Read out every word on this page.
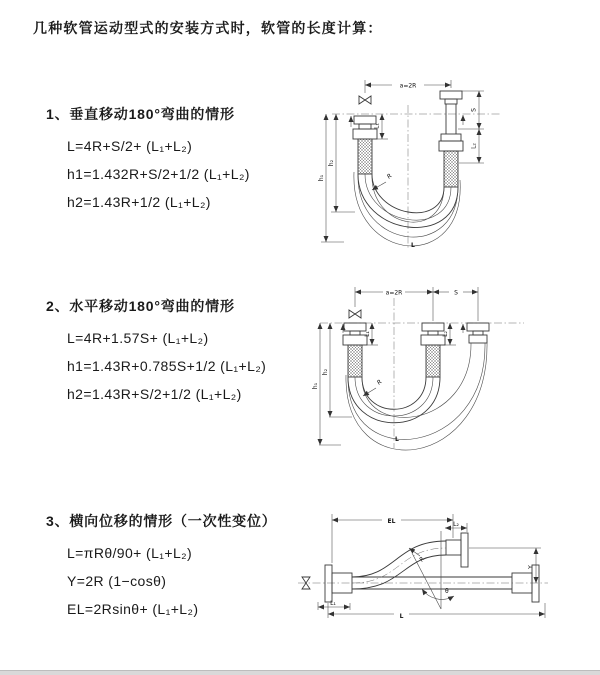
几种软管运动型式的安装方式时，软管的长度计算：
1、垂直移动180°弯曲的情形
L=4R+S/2+ (L₁+L₂)
h1=1.432R+S/2+1/2 (L₁+L₂)
h2=1.43R+1/2 (L₁+L₂)
2、水平移动180°弯曲的情形
L=4R+1.57S+ (L₁+L₂)
h1=1.43R+0.785S+1/2 (L₁+L₂)
h2=1.43R+S/2+1/2 (L₁+L₂)
3、横向位移的情形（一次性变位）
L=πRθ/90+ (L₁+L₂)
Y=2R (1−cosθ)
EL=2Rsinθ+ (L₁+L₂)
a=2R
h₁
h₂
L₁
S
L₂
R
L
a=2R	S
h₁
h₂
L₁	L₂
R
L
EL	L₂
Y
θ
R
L₁
L
